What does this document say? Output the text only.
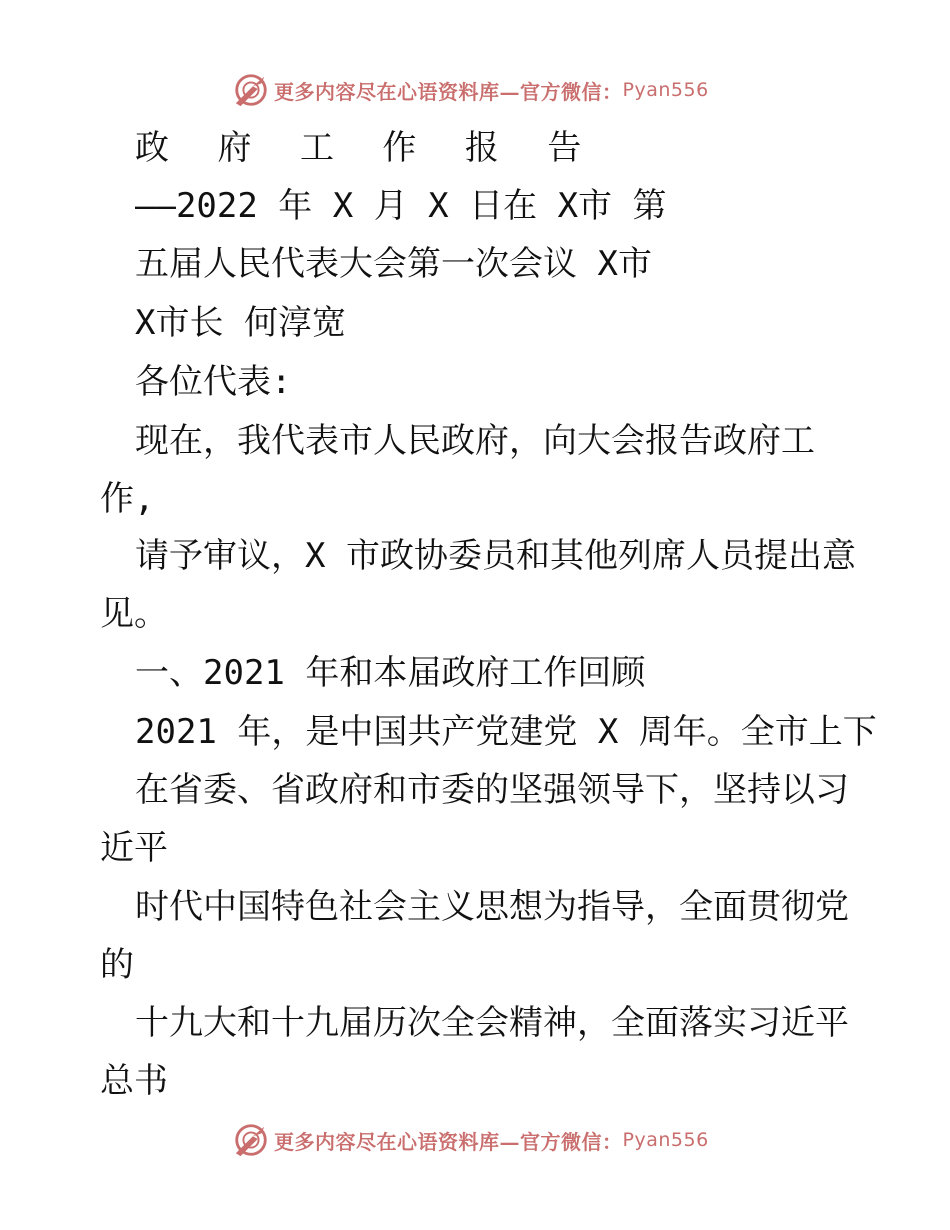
更多内容尽在心语资料库—官方微信： Pyan556
政 府 工 作 报 告
——2022 年 X 月 X 日在 X市 第
五届人民代表大会第一次会议 X市
X市长 何淳宽
各位代表:
现在，我代表市人民政府，向大会报告政府工
作,
请予审议，X 市政协委员和其他列席人员提出意
见。
一、2021 年和本届政府工作回顾
2021 年，是中国共产党建党 X 周年。全市上下
在省委、省政府和市委的坚强领导下，坚持以习
近平
时代中国特色社会主义思想为指导，全面贯彻党
的
十九大和十九届历次全会精神，全面落实习近平
总书
更多内容尽在心语资料库—官方微信： Pyan556
